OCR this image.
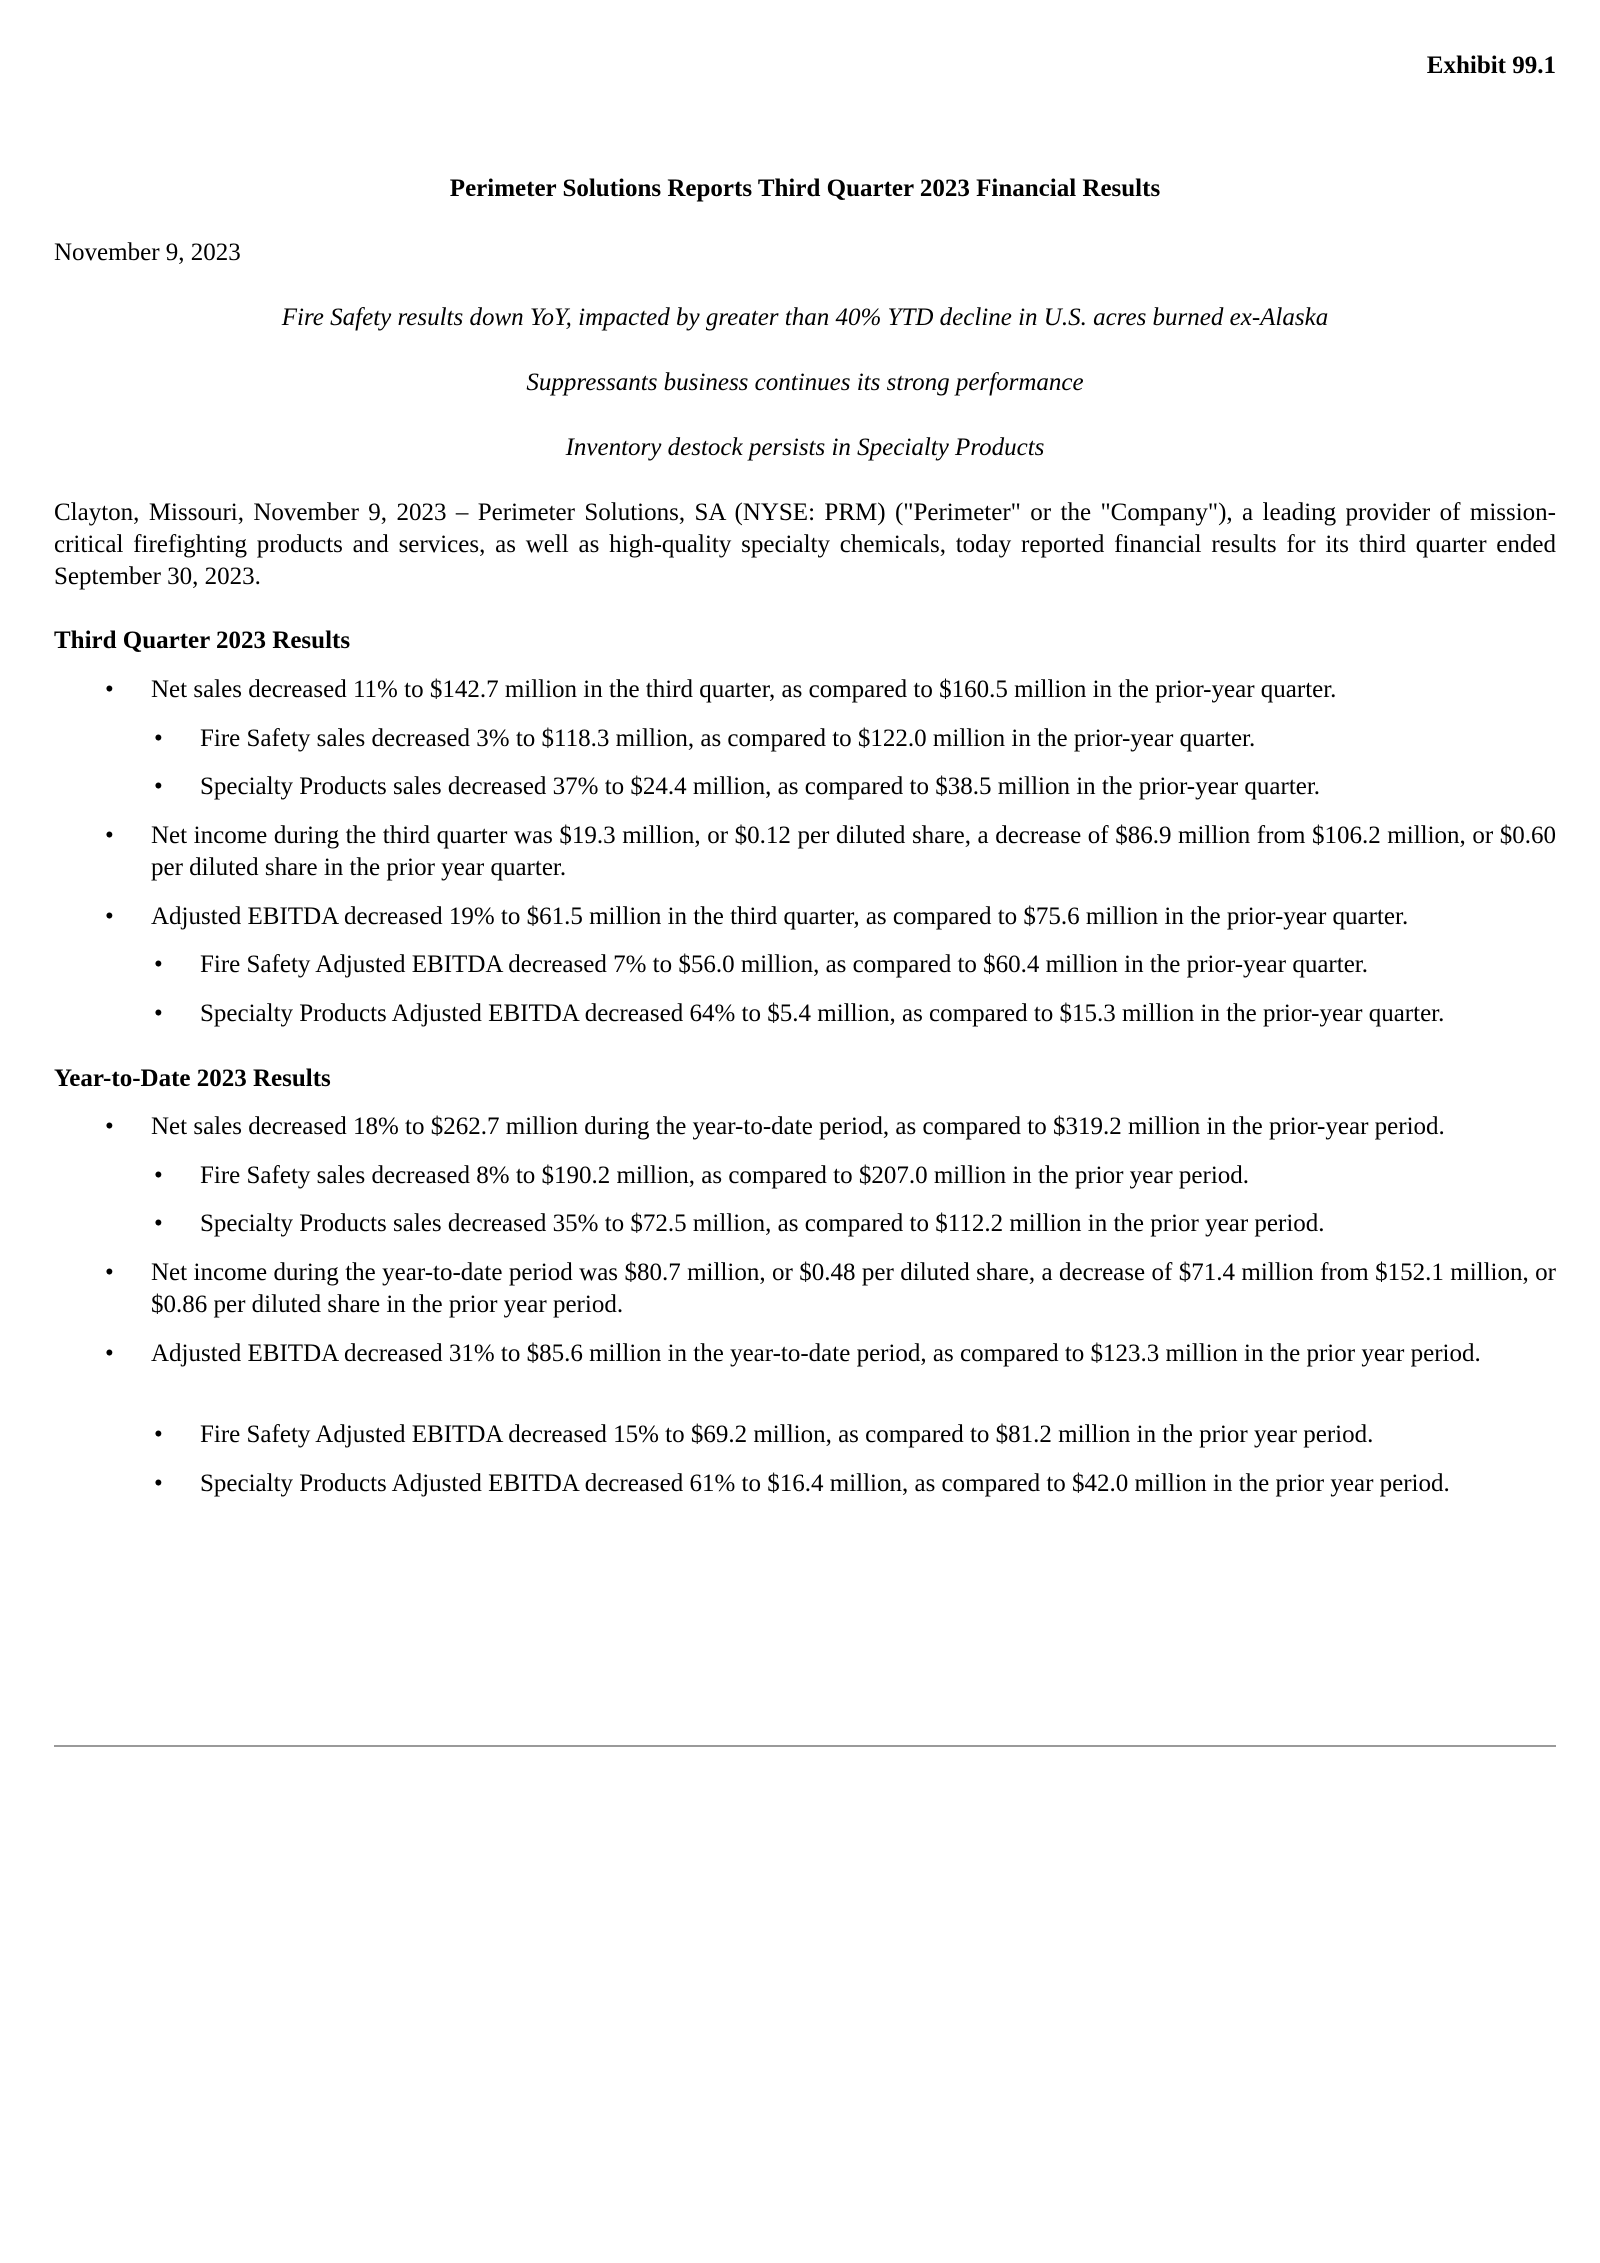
Exhibit 99.1

Perimeter Solutions Reports Third Quarter 2023 Financial Results

November 9, 2023

Fire Safety results down YoY, impacted by greater than 40% YTD decline in U.S. acres burned ex-Alaska

Suppressants business continues its strong performance

Inventory destock persists in Specialty Products

Clayton, Missouri, November 9, 2023 – Perimeter Solutions, SA (NYSE: PRM) ("Perimeter" or the "Company"), a leading provider of mission-critical firefighting products and services, as well as high-quality specialty chemicals, today reported financial results for its third quarter ended September 30, 2023.

Third Quarter 2023 Results

• Net sales decreased 11% to $142.7 million in the third quarter, as compared to $160.5 million in the prior-year quarter.

• Fire Safety sales decreased 3% to $118.3 million, as compared to $122.0 million in the prior-year quarter.

• Specialty Products sales decreased 37% to $24.4 million, as compared to $38.5 million in the prior-year quarter.

• Net income during the third quarter was $19.3 million, or $0.12 per diluted share, a decrease of $86.9 million from $106.2 million, or $0.60 per diluted share in the prior year quarter.

• Adjusted EBITDA decreased 19% to $61.5 million in the third quarter, as compared to $75.6 million in the prior-year quarter.

• Fire Safety Adjusted EBITDA decreased 7% to $56.0 million, as compared to $60.4 million in the prior-year quarter.

• Specialty Products Adjusted EBITDA decreased 64% to $5.4 million, as compared to $15.3 million in the prior-year quarter.

Year-to-Date 2023 Results

• Net sales decreased 18% to $262.7 million during the year-to-date period, as compared to $319.2 million in the prior-year period.

• Fire Safety sales decreased 8% to $190.2 million, as compared to $207.0 million in the prior year period.

• Specialty Products sales decreased 35% to $72.5 million, as compared to $112.2 million in the prior year period.

• Net income during the year-to-date period was $80.7 million, or $0.48 per diluted share, a decrease of $71.4 million from $152.1 million, or $0.86 per diluted share in the prior year period.

• Adjusted EBITDA decreased 31% to $85.6 million in the year-to-date period, as compared to $123.3 million in the prior year period.

• Fire Safety Adjusted EBITDA decreased 15% to $69.2 million, as compared to $81.2 million in the prior year period.

• Specialty Products Adjusted EBITDA decreased 61% to $16.4 million, as compared to $42.0 million in the prior year period.
